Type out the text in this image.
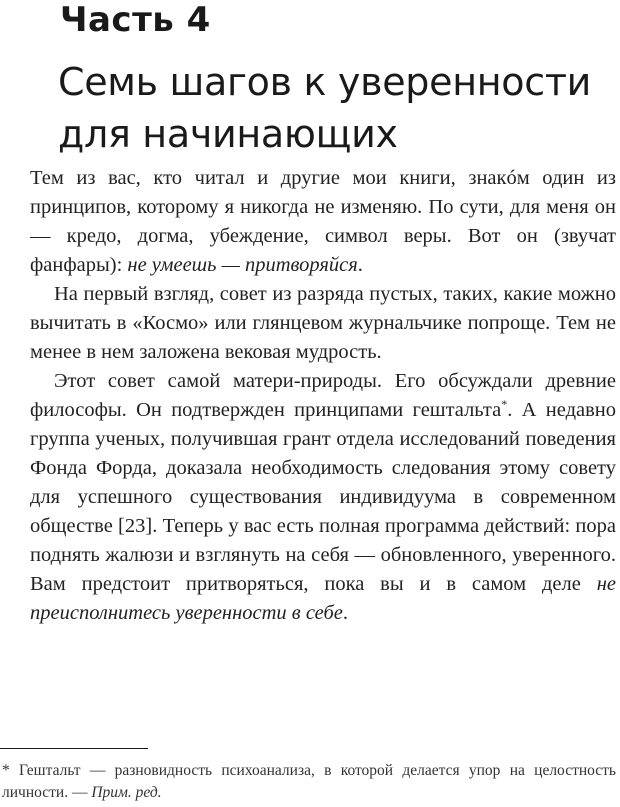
Часть 4
Семь шагов к уверенности
для начинающих

Тем из вас, кто читал и другие мои книги, знакóм один из принципов, которому я никогда не изменяю. По сути, для меня он — кредо, догма, убеждение, символ веры. Вот он (звучат фанфары): не умеешь — притворяйся.

На первый взгляд, совет из разряда пустых, таких, какие можно вычитать в «Космо» или глянцевом журнальчике попроще. Тем не менее в нем заложена вековая мудрость.

Этот совет самой матери-природы. Его обсуждали древние философы. Он подтвержден принципами гештальта*. А недавно группа ученых, получившая грант отдела исследований поведения Фонда Форда, доказала необходимость следования этому совету для успешного существования индивидуума в современном обществе [23]. Теперь у вас есть полная программа действий: пора поднять жалюзи и взглянуть на себя — обновленного, уверенного. Вам предстоит притворяться, пока вы и в самом деле не преисполнитесь уверенности в себе.

* Гештальт — разновидность психоанализа, в которой делается упор на целостность личности. — Прим. ред.
